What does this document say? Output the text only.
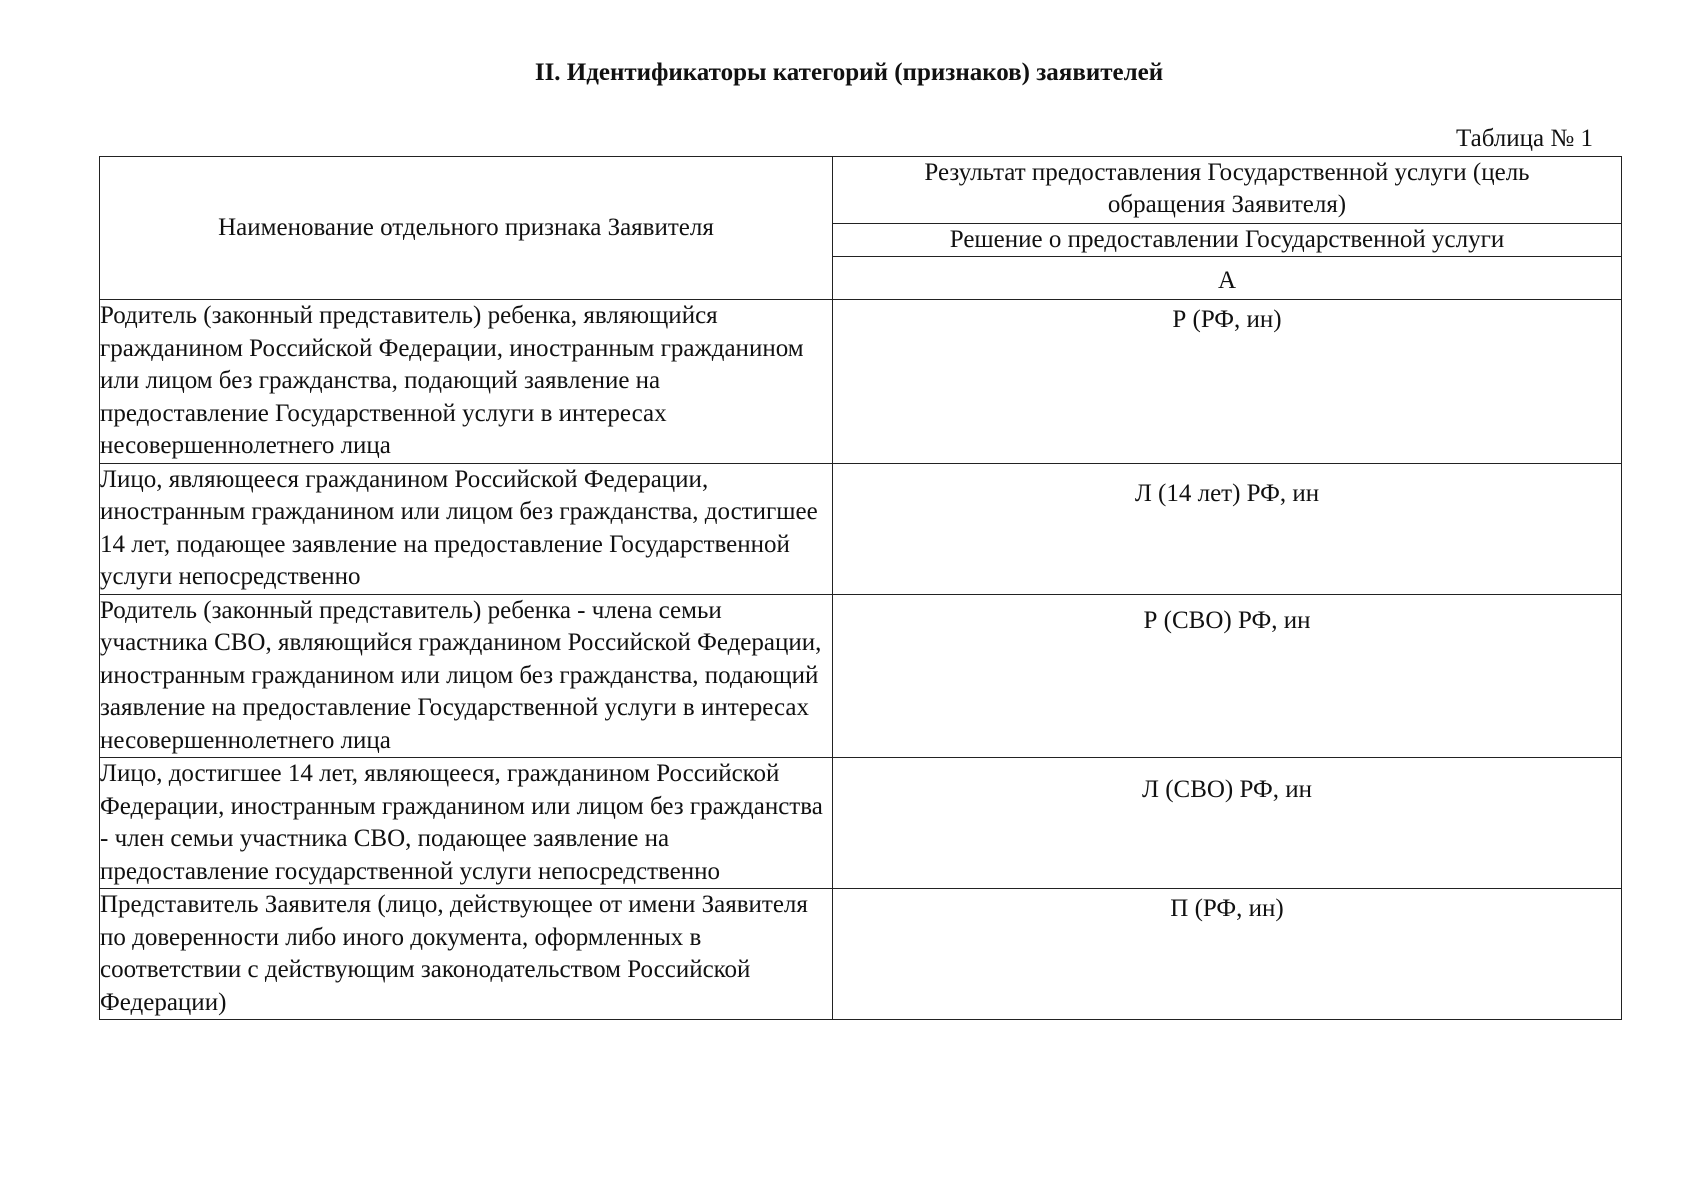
II. Идентификаторы категорий (признаков) заявителей
Таблица № 1
Наименование отдельного признака Заявителя	Результат предоставления Государственной услуги (цель обращения Заявителя)
	Решение о предоставлении Государственной услуги
	А
Родитель (законный представитель) ребенка, являющийся гражданином Российской Федерации, иностранным гражданином или лицом без гражданства, подающий заявление на предоставление Государственной услуги в интересах несовершеннолетнего лица	Р (РФ, ин)

Лицо, являющееся гражданином Российской Федерации, иностранным гражданином или лицом без гражданства, достигшее 14 лет, подающее заявление на предоставление Государственной услуги непосредственно	Л (14 лет) РФ, ин

Родитель (законный представитель) ребенка - члена семьи участника СВО, являющийся гражданином Российской Федерации, иностранным гражданином или лицом без гражданства, подающий заявление на предоставление Государственной услуги в интересах несовершеннолетнего лица	Р (СВО) РФ, ин

Лицо, достигшее 14 лет, являющееся, гражданином Российской Федерации, иностранным гражданином или лицом без гражданства - член семьи участника СВО, подающее заявление на предоставление государственной услуги непосредственно	Л (СВО) РФ, ин

Представитель Заявителя (лицо, действующее от имени Заявителя по доверенности либо иного документа, оформленных в соответствии с действующим законодательством Российской Федерации)	П (РФ, ин)
